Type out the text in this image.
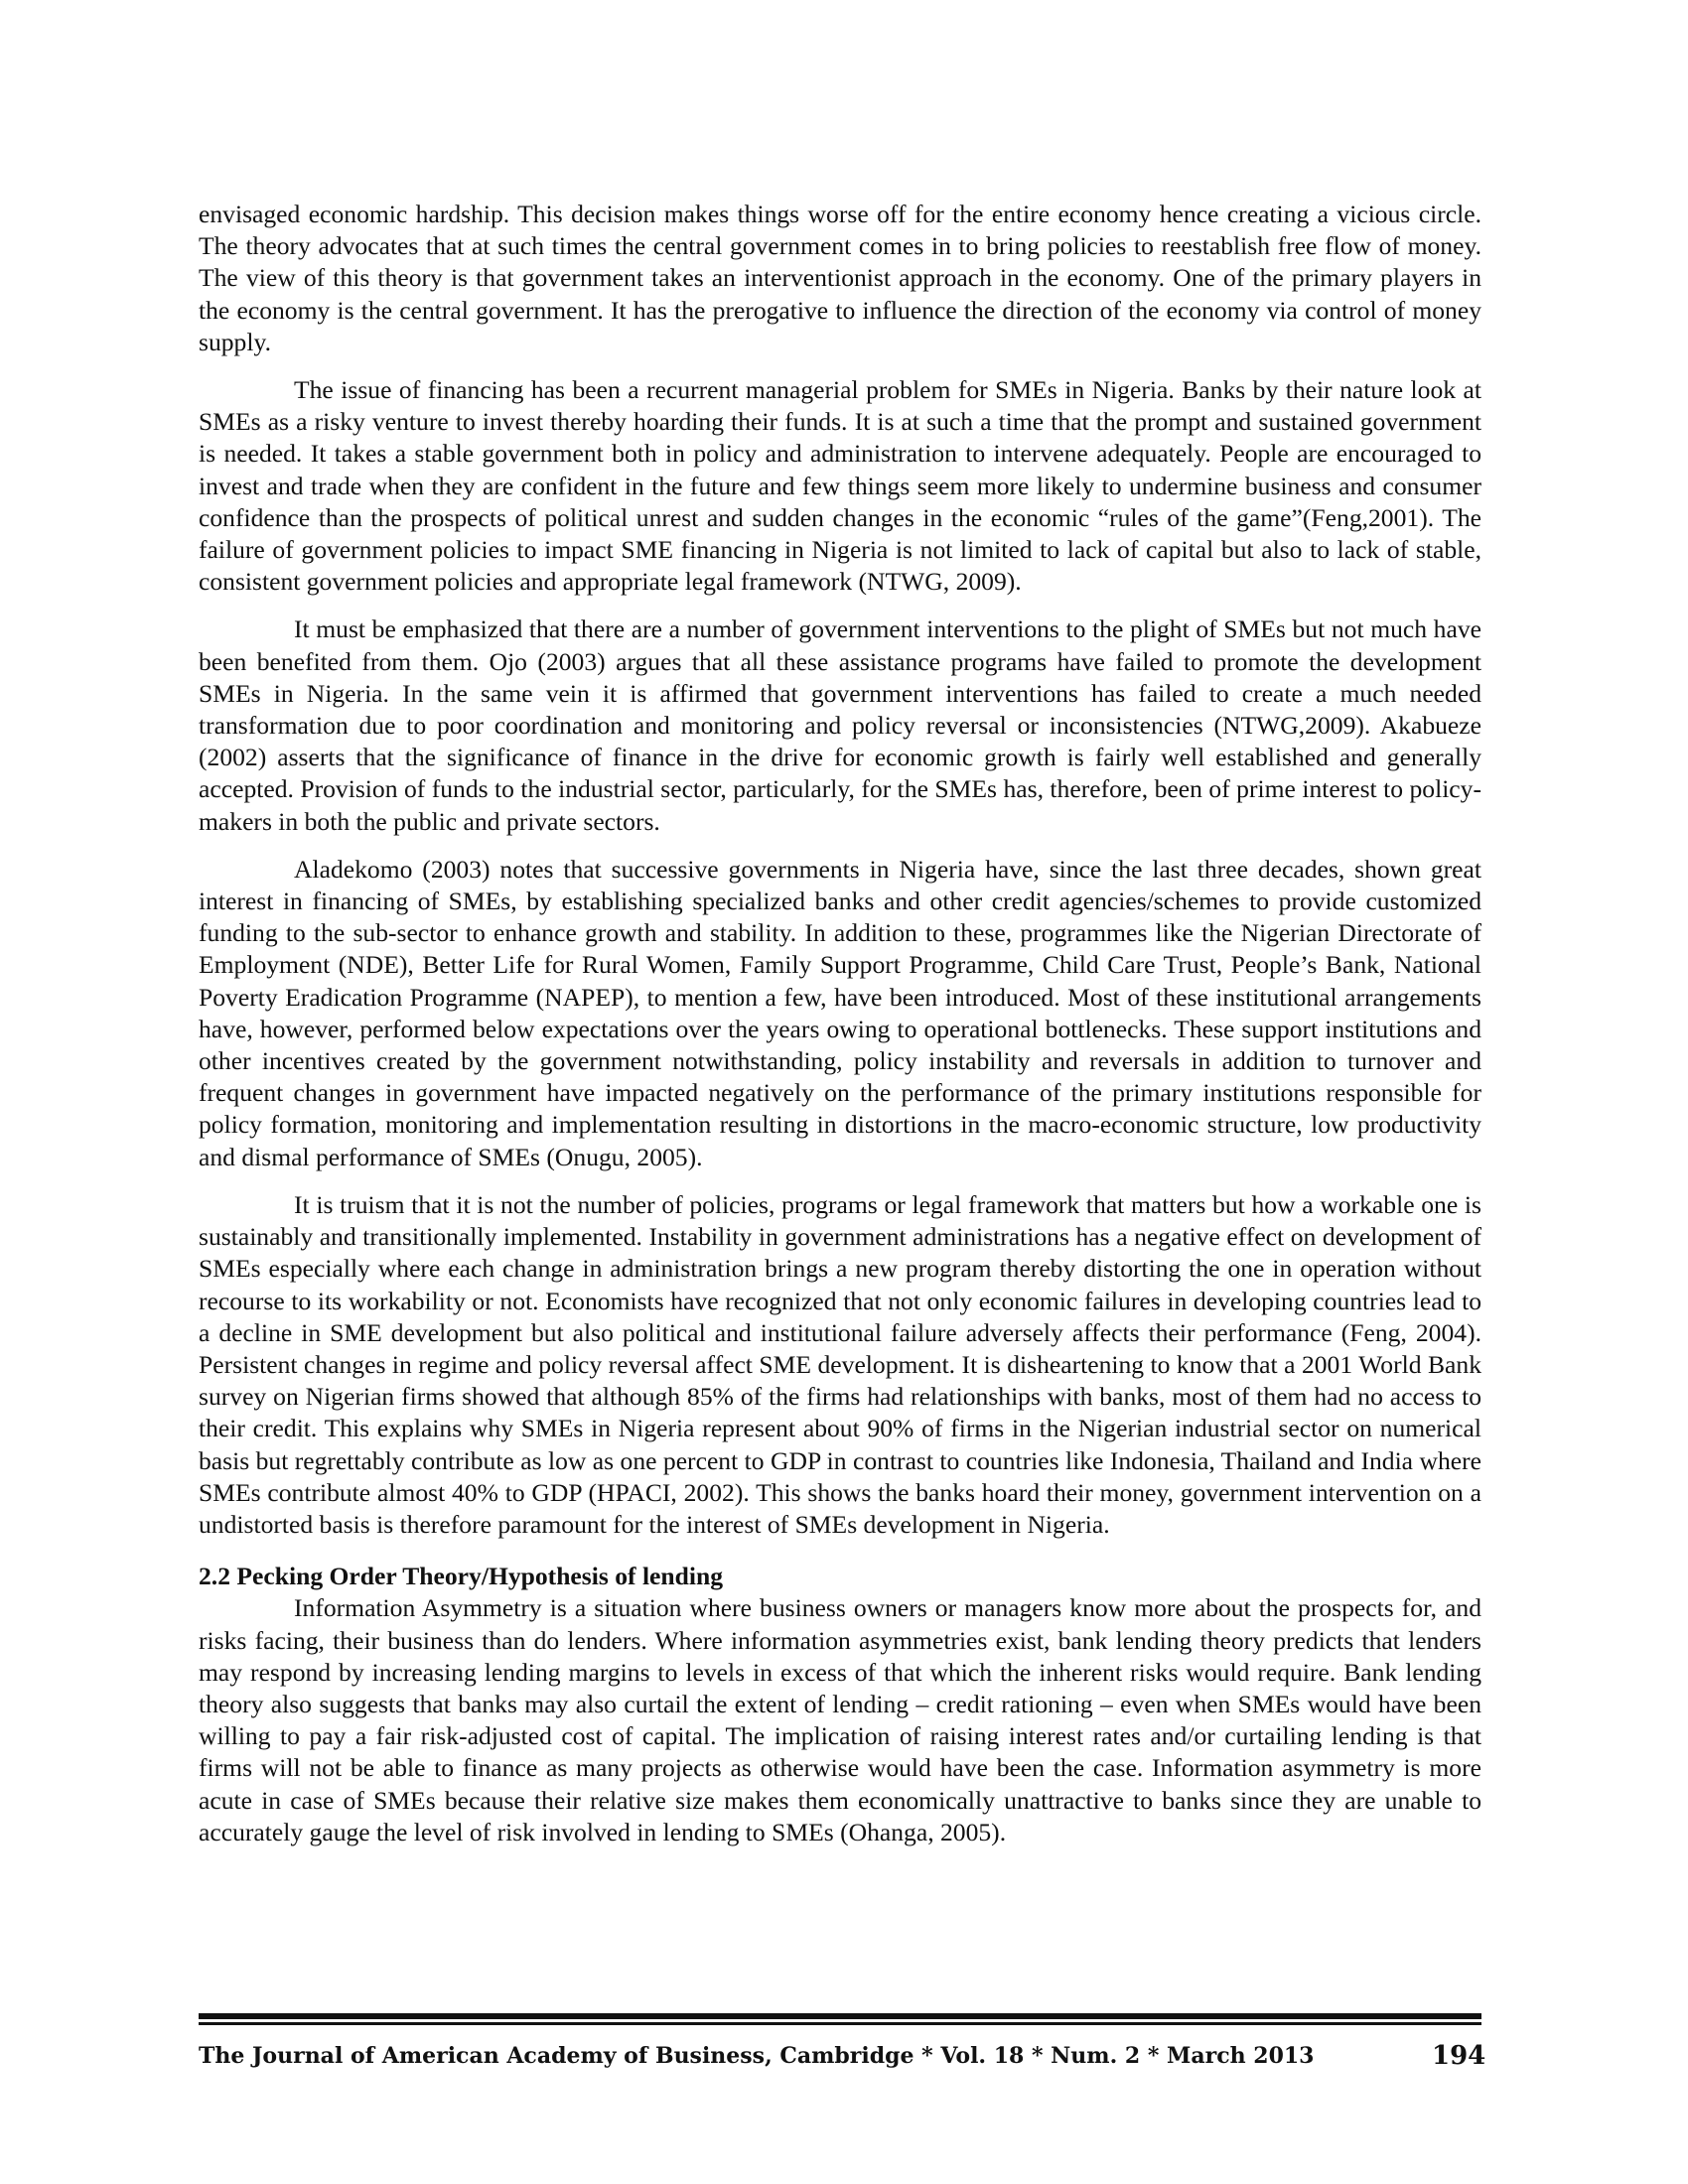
envisaged economic hardship. This decision makes things worse off for the entire economy hence creating a vicious circle. The theory advocates that at such times the central government comes in to bring policies to reestablish free flow of money. The view of this theory is that government takes an interventionist approach in the economy. One of the primary players in the economy is the central government. It has the prerogative to influence the direction of the economy via control of money supply.

The issue of financing has been a recurrent managerial problem for SMEs in Nigeria. Banks by their nature look at SMEs as a risky venture to invest thereby hoarding their funds. It is at such a time that the prompt and sustained government is needed. It takes a stable government both in policy and administration to intervene adequately. People are encouraged to invest and trade when they are confident in the future and few things seem more likely to undermine business and consumer confidence than the prospects of political unrest and sudden changes in the economic “rules of the game”(Feng,2001). The failure of government policies to impact SME financing in Nigeria is not limited to lack of capital but also to lack of stable, consistent government policies and appropriate legal framework (NTWG, 2009).

It must be emphasized that there are a number of government interventions to the plight of SMEs but not much have been benefited from them. Ojo (2003) argues that all these assistance programs have failed to promote the development SMEs in Nigeria. In the same vein it is affirmed that government interventions has failed to create a much needed transformation due to poor coordination and monitoring and policy reversal or inconsistencies (NTWG,2009). Akabueze (2002) asserts that the significance of finance in the drive for economic growth is fairly well established and generally accepted. Provision of funds to the industrial sector, particularly, for the SMEs has, therefore, been of prime interest to policy-makers in both the public and private sectors.

Aladekomo (2003) notes that successive governments in Nigeria have, since the last three decades, shown great interest in financing of SMEs, by establishing specialized banks and other credit agencies/schemes to provide customized funding to the sub-sector to enhance growth and stability. In addition to these, programmes like the Nigerian Directorate of Employment (NDE), Better Life for Rural Women, Family Support Programme, Child Care Trust, People’s Bank, National Poverty Eradication Programme (NAPEP), to mention a few, have been introduced. Most of these institutional arrangements have, however, performed below expectations over the years owing to operational bottlenecks. These support institutions and other incentives created by the government notwithstanding, policy instability and reversals in addition to turnover and frequent changes in government have impacted negatively on the performance of the primary institutions responsible for policy formation, monitoring and implementation resulting in distortions in the macro-economic structure, low productivity and dismal performance of SMEs (Onugu, 2005).

It is truism that it is not the number of policies, programs or legal framework that matters but how a workable one is sustainably and transitionally implemented. Instability in government administrations has a negative effect on development of SMEs especially where each change in administration brings a new program thereby distorting the one in operation without recourse to its workability or not. Economists have recognized that not only economic failures in developing countries lead to a decline in SME development but also political and institutional failure adversely affects their performance (Feng, 2004). Persistent changes in regime and policy reversal affect SME development. It is disheartening to know that a 2001 World Bank survey on Nigerian firms showed that although 85% of the firms had relationships with banks, most of them had no access to their credit. This explains why SMEs in Nigeria represent about 90% of firms in the Nigerian industrial sector on numerical basis but regrettably contribute as low as one percent to GDP in contrast to countries like Indonesia, Thailand and India where SMEs contribute almost 40% to GDP (HPACI, 2002). This shows the banks hoard their money, government intervention on a undistorted basis is therefore paramount for the interest of SMEs development in Nigeria.

2.2 Pecking Order Theory/Hypothesis of lending

Information Asymmetry is a situation where business owners or managers know more about the prospects for, and risks facing, their business than do lenders. Where information asymmetries exist, bank lending theory predicts that lenders may respond by increasing lending margins to levels in excess of that which the inherent risks would require. Bank lending theory also suggests that banks may also curtail the extent of lending – credit rationing – even when SMEs would have been willing to pay a fair risk-adjusted cost of capital. The implication of raising interest rates and/or curtailing lending is that firms will not be able to finance as many projects as otherwise would have been the case. Information asymmetry is more acute in case of SMEs because their relative size makes them economically unattractive to banks since they are unable to accurately gauge the level of risk involved in lending to SMEs (Ohanga, 2005).

The Journal of American Academy of Business, Cambridge * Vol. 18 * Num. 2 * March 2013	194
